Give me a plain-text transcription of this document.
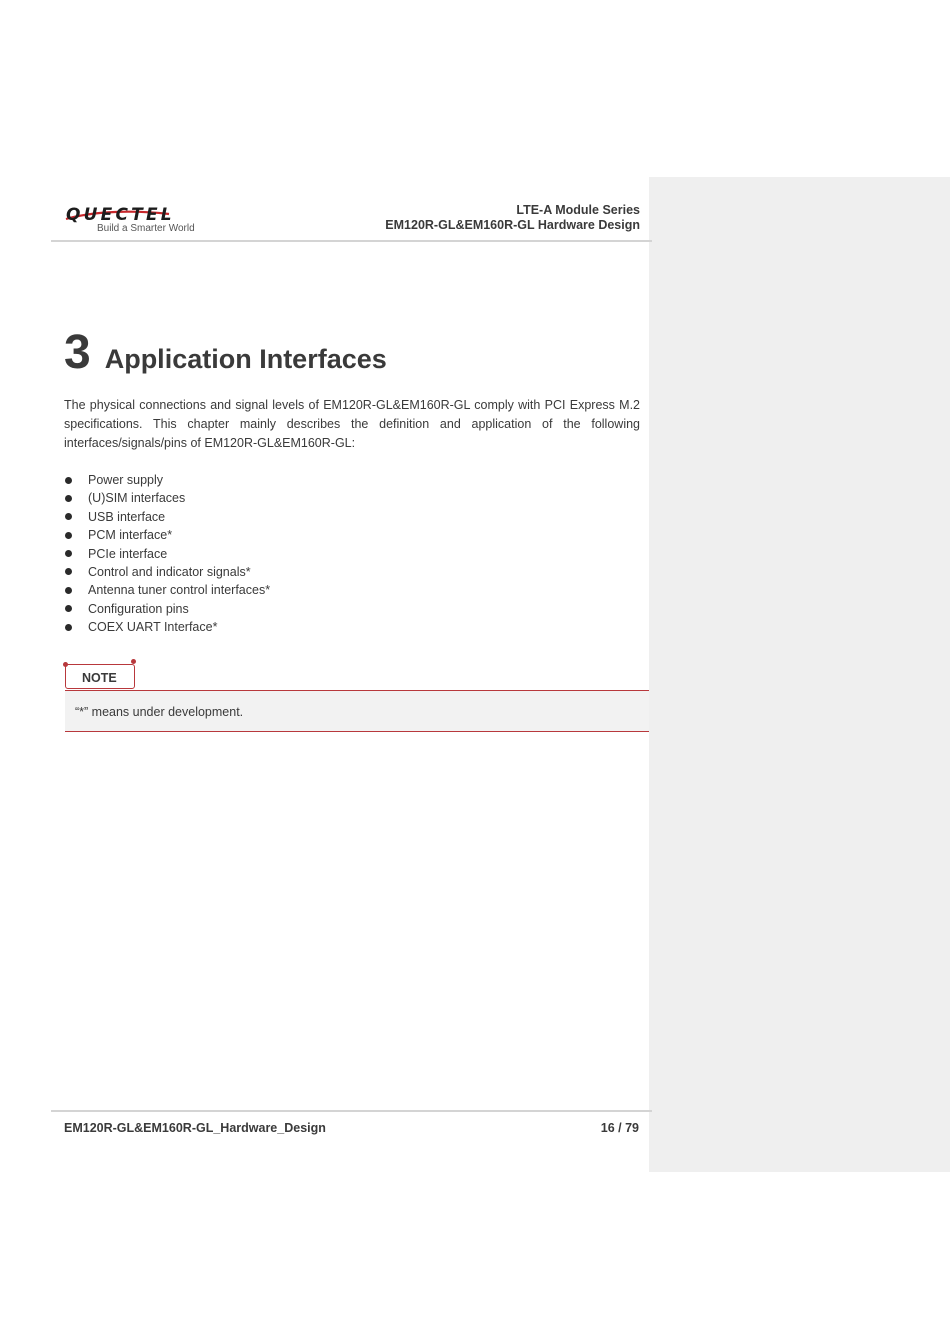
QUECTEL
Build a Smarter World
LTE-A Module Series
EM120R-GL&EM160R-GL Hardware Design
3 Application Interfaces
The physical connections and signal levels of EM120R-GL&EM160R-GL comply with PCI Express M.2 specifications. This chapter mainly describes the definition and application of the following interfaces/signals/pins of EM120R-GL&EM160R-GL:
Power supply
(U)SIM interfaces
USB interface
PCM interface*
PCIe interface
Control and indicator signals*
Antenna tuner control interfaces*
Configuration pins
COEX UART Interface*
“*” means under development.
NOTE
EM120R-GL&EM160R-GL_Hardware_Design	16 / 79
